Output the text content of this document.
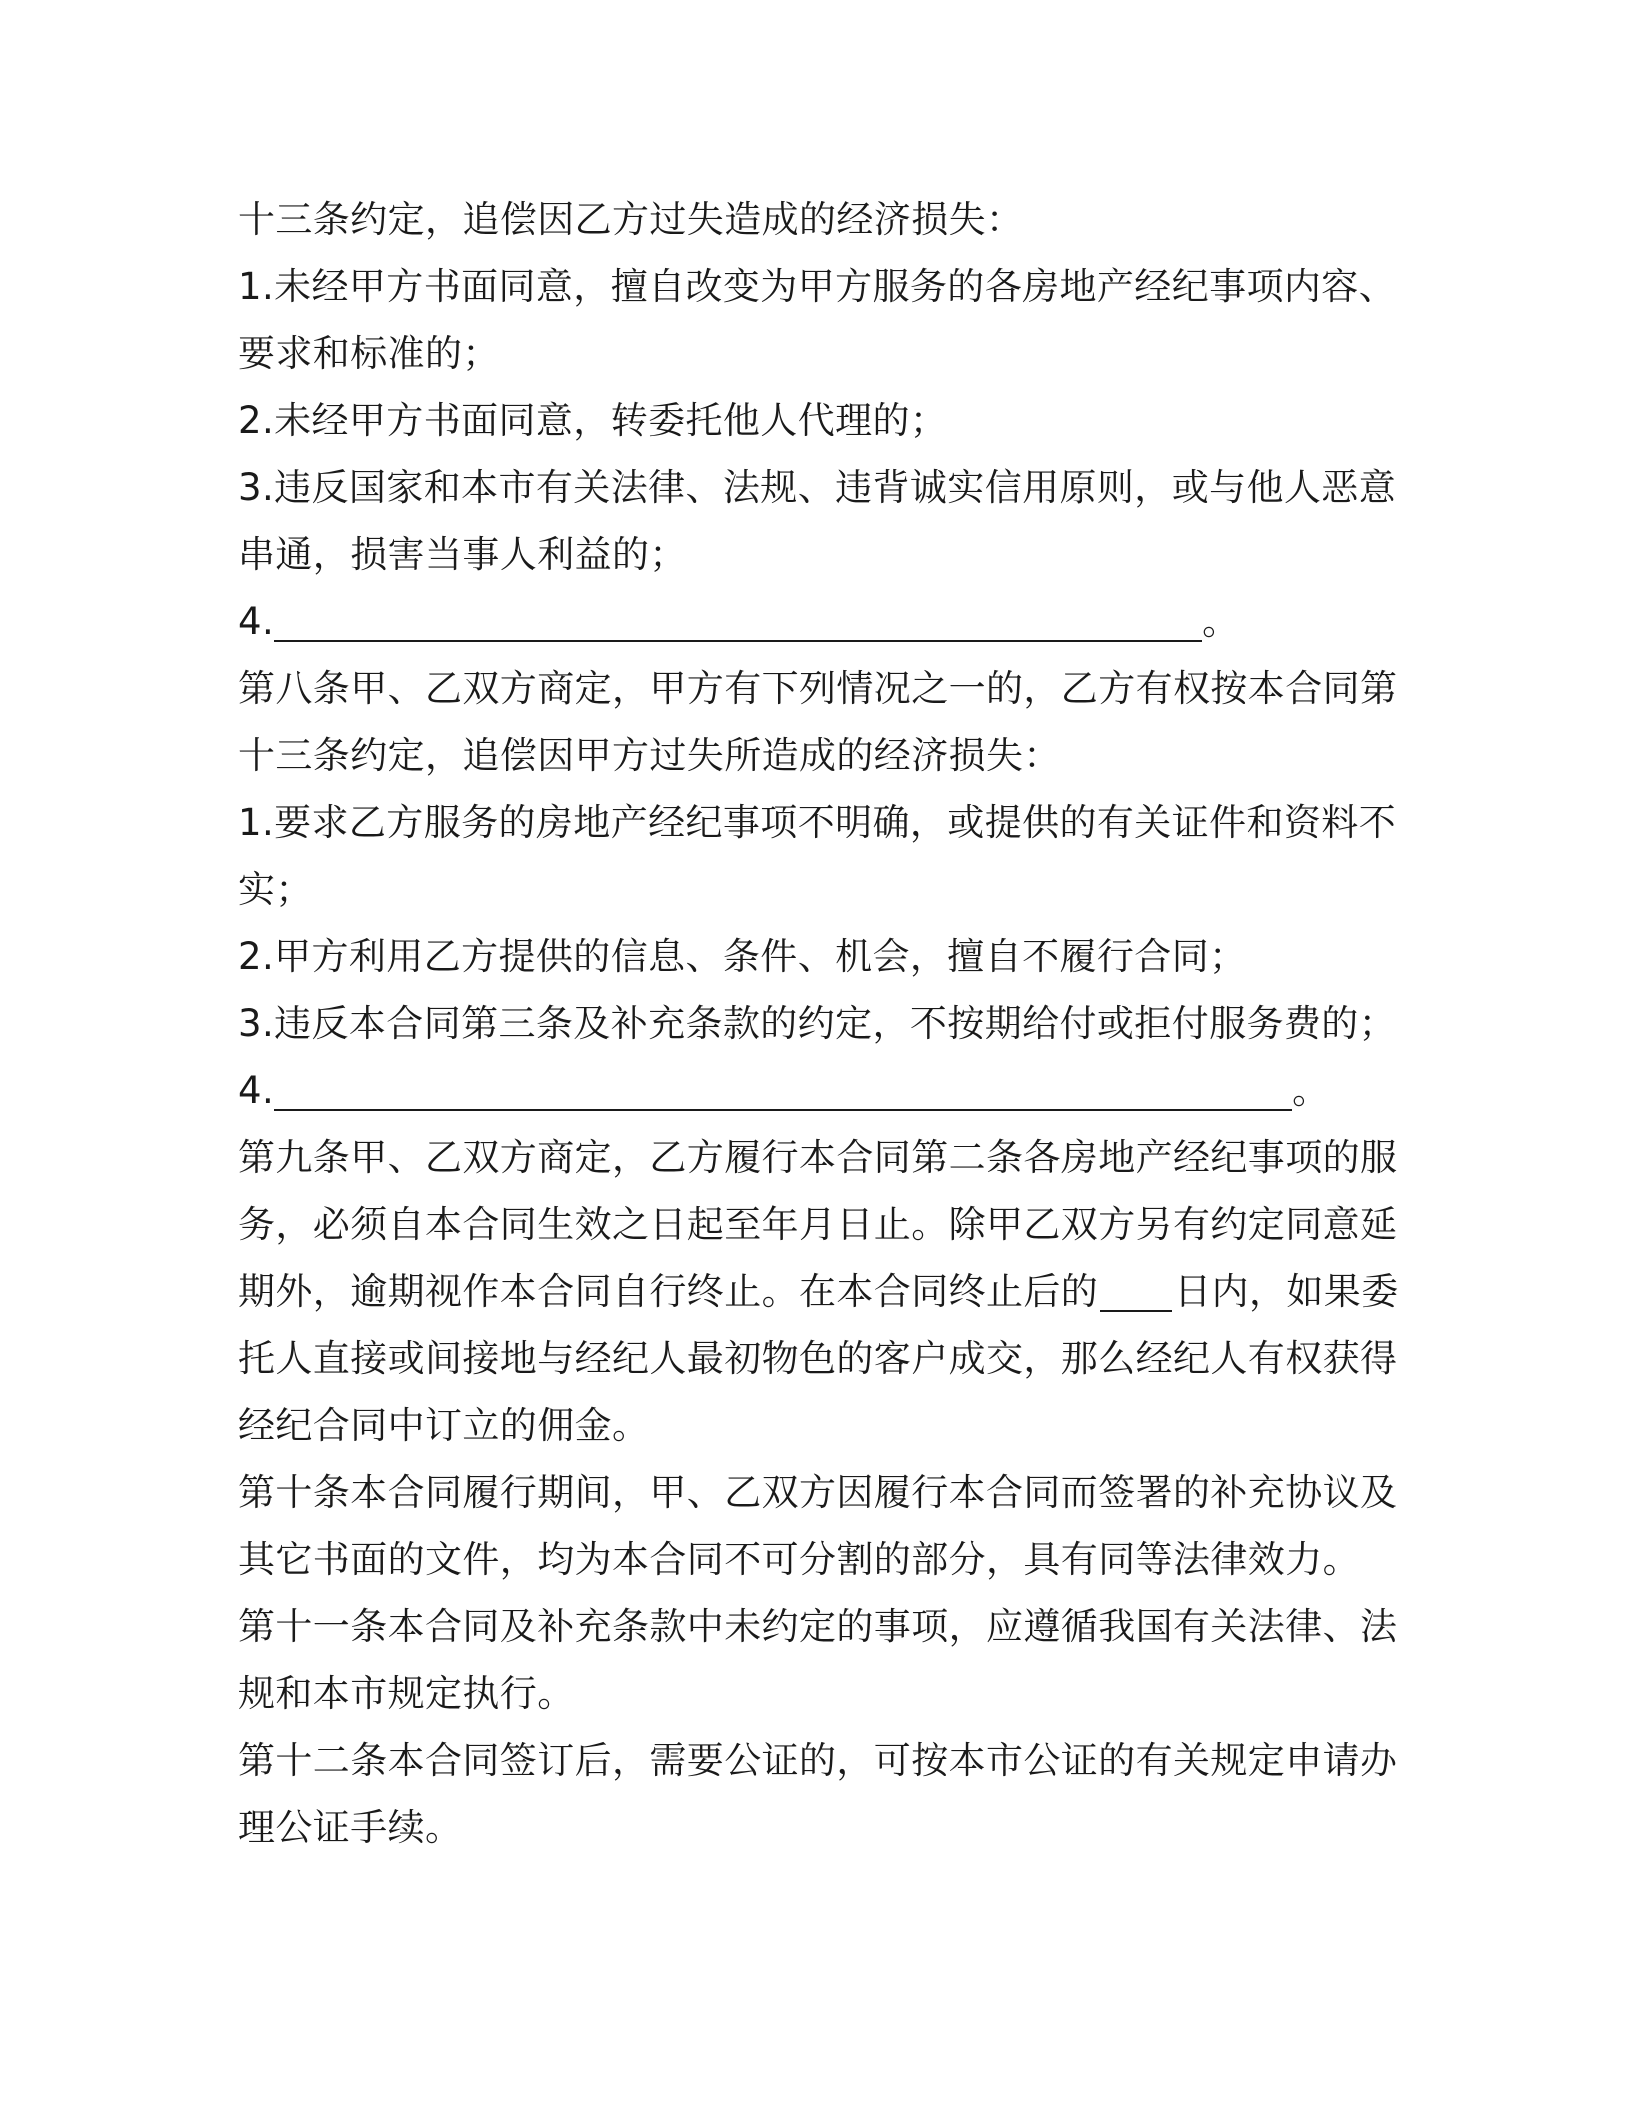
十三条约定，追偿因乙方过失造成的经济损失：
1.未经甲方书面同意，擅自改变为甲方服务的各房地产经纪事项内容、
要求和标准的；
2.未经甲方书面同意，转委托他人代理的；
3.违反国家和本市有关法律、法规、违背诚实信用原则，或与他人恶意
串通，损害当事人利益的；
4.	。
第八条甲、乙双方商定，甲方有下列情况之一的，乙方有权按本合同第
十三条约定，追偿因甲方过失所造成的经济损失：
1.要求乙方服务的房地产经纪事项不明确，或提供的有关证件和资料不
实；
2.甲方利用乙方提供的信息、条件、机会，擅自不履行合同；
3.违反本合同第三条及补充条款的约定，不按期给付或拒付服务费的；
4.	。
第九条甲、乙双方商定，乙方履行本合同第二条各房地产经纪事项的服
务，必须自本合同生效之日起至年月日止。除甲乙双方另有约定同意延
期外，逾期视作本合同自行终止。在本合同终止后的 日内，如果委
托人直接或间接地与经纪人最初物色的客户成交，那么经纪人有权获得
经纪合同中订立的佣金。
第十条本合同履行期间，甲、乙双方因履行本合同而签署的补充协议及
其它书面的文件，均为本合同不可分割的部分，具有同等法律效力。
第十一条本合同及补充条款中未约定的事项，应遵循我国有关法律、法
规和本市规定执行。
第十二条本合同签订后，需要公证的，可按本市公证的有关规定申请办
理公证手续。
